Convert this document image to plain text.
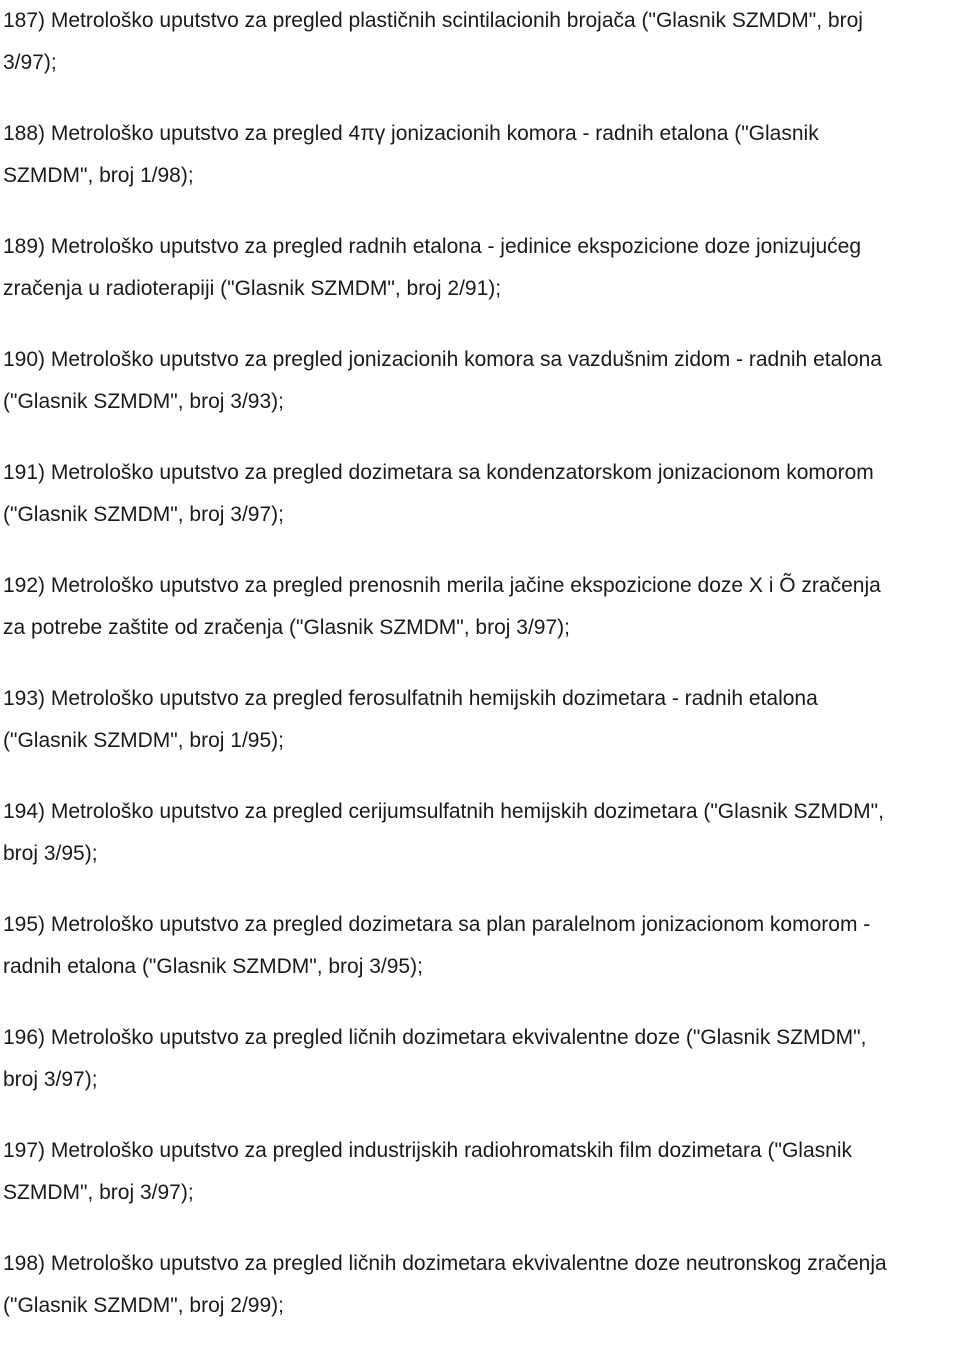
187) Metrološko uputstvo za pregled plastičnih scintilacionih brojača ("Glasnik SZMDM", broj
3/97);

188) Metrološko uputstvo za pregled 4πγ jonizacionih komora - radnih etalona ("Glasnik
SZMDM", broj 1/98);

189) Metrološko uputstvo za pregled radnih etalona - jedinice ekspozicione doze jonizujućeg
zračenja u radioterapiji ("Glasnik SZMDM", broj 2/91);

190) Metrološko uputstvo za pregled jonizacionih komora sa vazdušnim zidom - radnih etalona
("Glasnik SZMDM", broj 3/93);

191) Metrološko uputstvo za pregled dozimetara sa kondenzatorskom jonizacionom komorom
("Glasnik SZMDM", broj 3/97);

192) Metrološko uputstvo za pregled prenosnih merila jačine ekspozicione doze X i Õ zračenja
za potrebe zaštite od zračenja ("Glasnik SZMDM", broj 3/97);

193) Metrološko uputstvo za pregled ferosulfatnih hemijskih dozimetara - radnih etalona
("Glasnik SZMDM", broj 1/95);

194) Metrološko uputstvo za pregled cerijumsulfatnih hemijskih dozimetara ("Glasnik SZMDM",
broj 3/95);

195) Metrološko uputstvo za pregled dozimetara sa plan paralelnom jonizacionom komorom -
radnih etalona ("Glasnik SZMDM", broj 3/95);

196) Metrološko uputstvo za pregled ličnih dozimetara ekvivalentne doze ("Glasnik SZMDM",
broj 3/97);

197) Metrološko uputstvo za pregled industrijskih radiohromatskih film dozimetara ("Glasnik
SZMDM", broj 3/97);

198) Metrološko uputstvo za pregled ličnih dozimetara ekvivalentne doze neutronskog zračenja
("Glasnik SZMDM", broj 2/99);
